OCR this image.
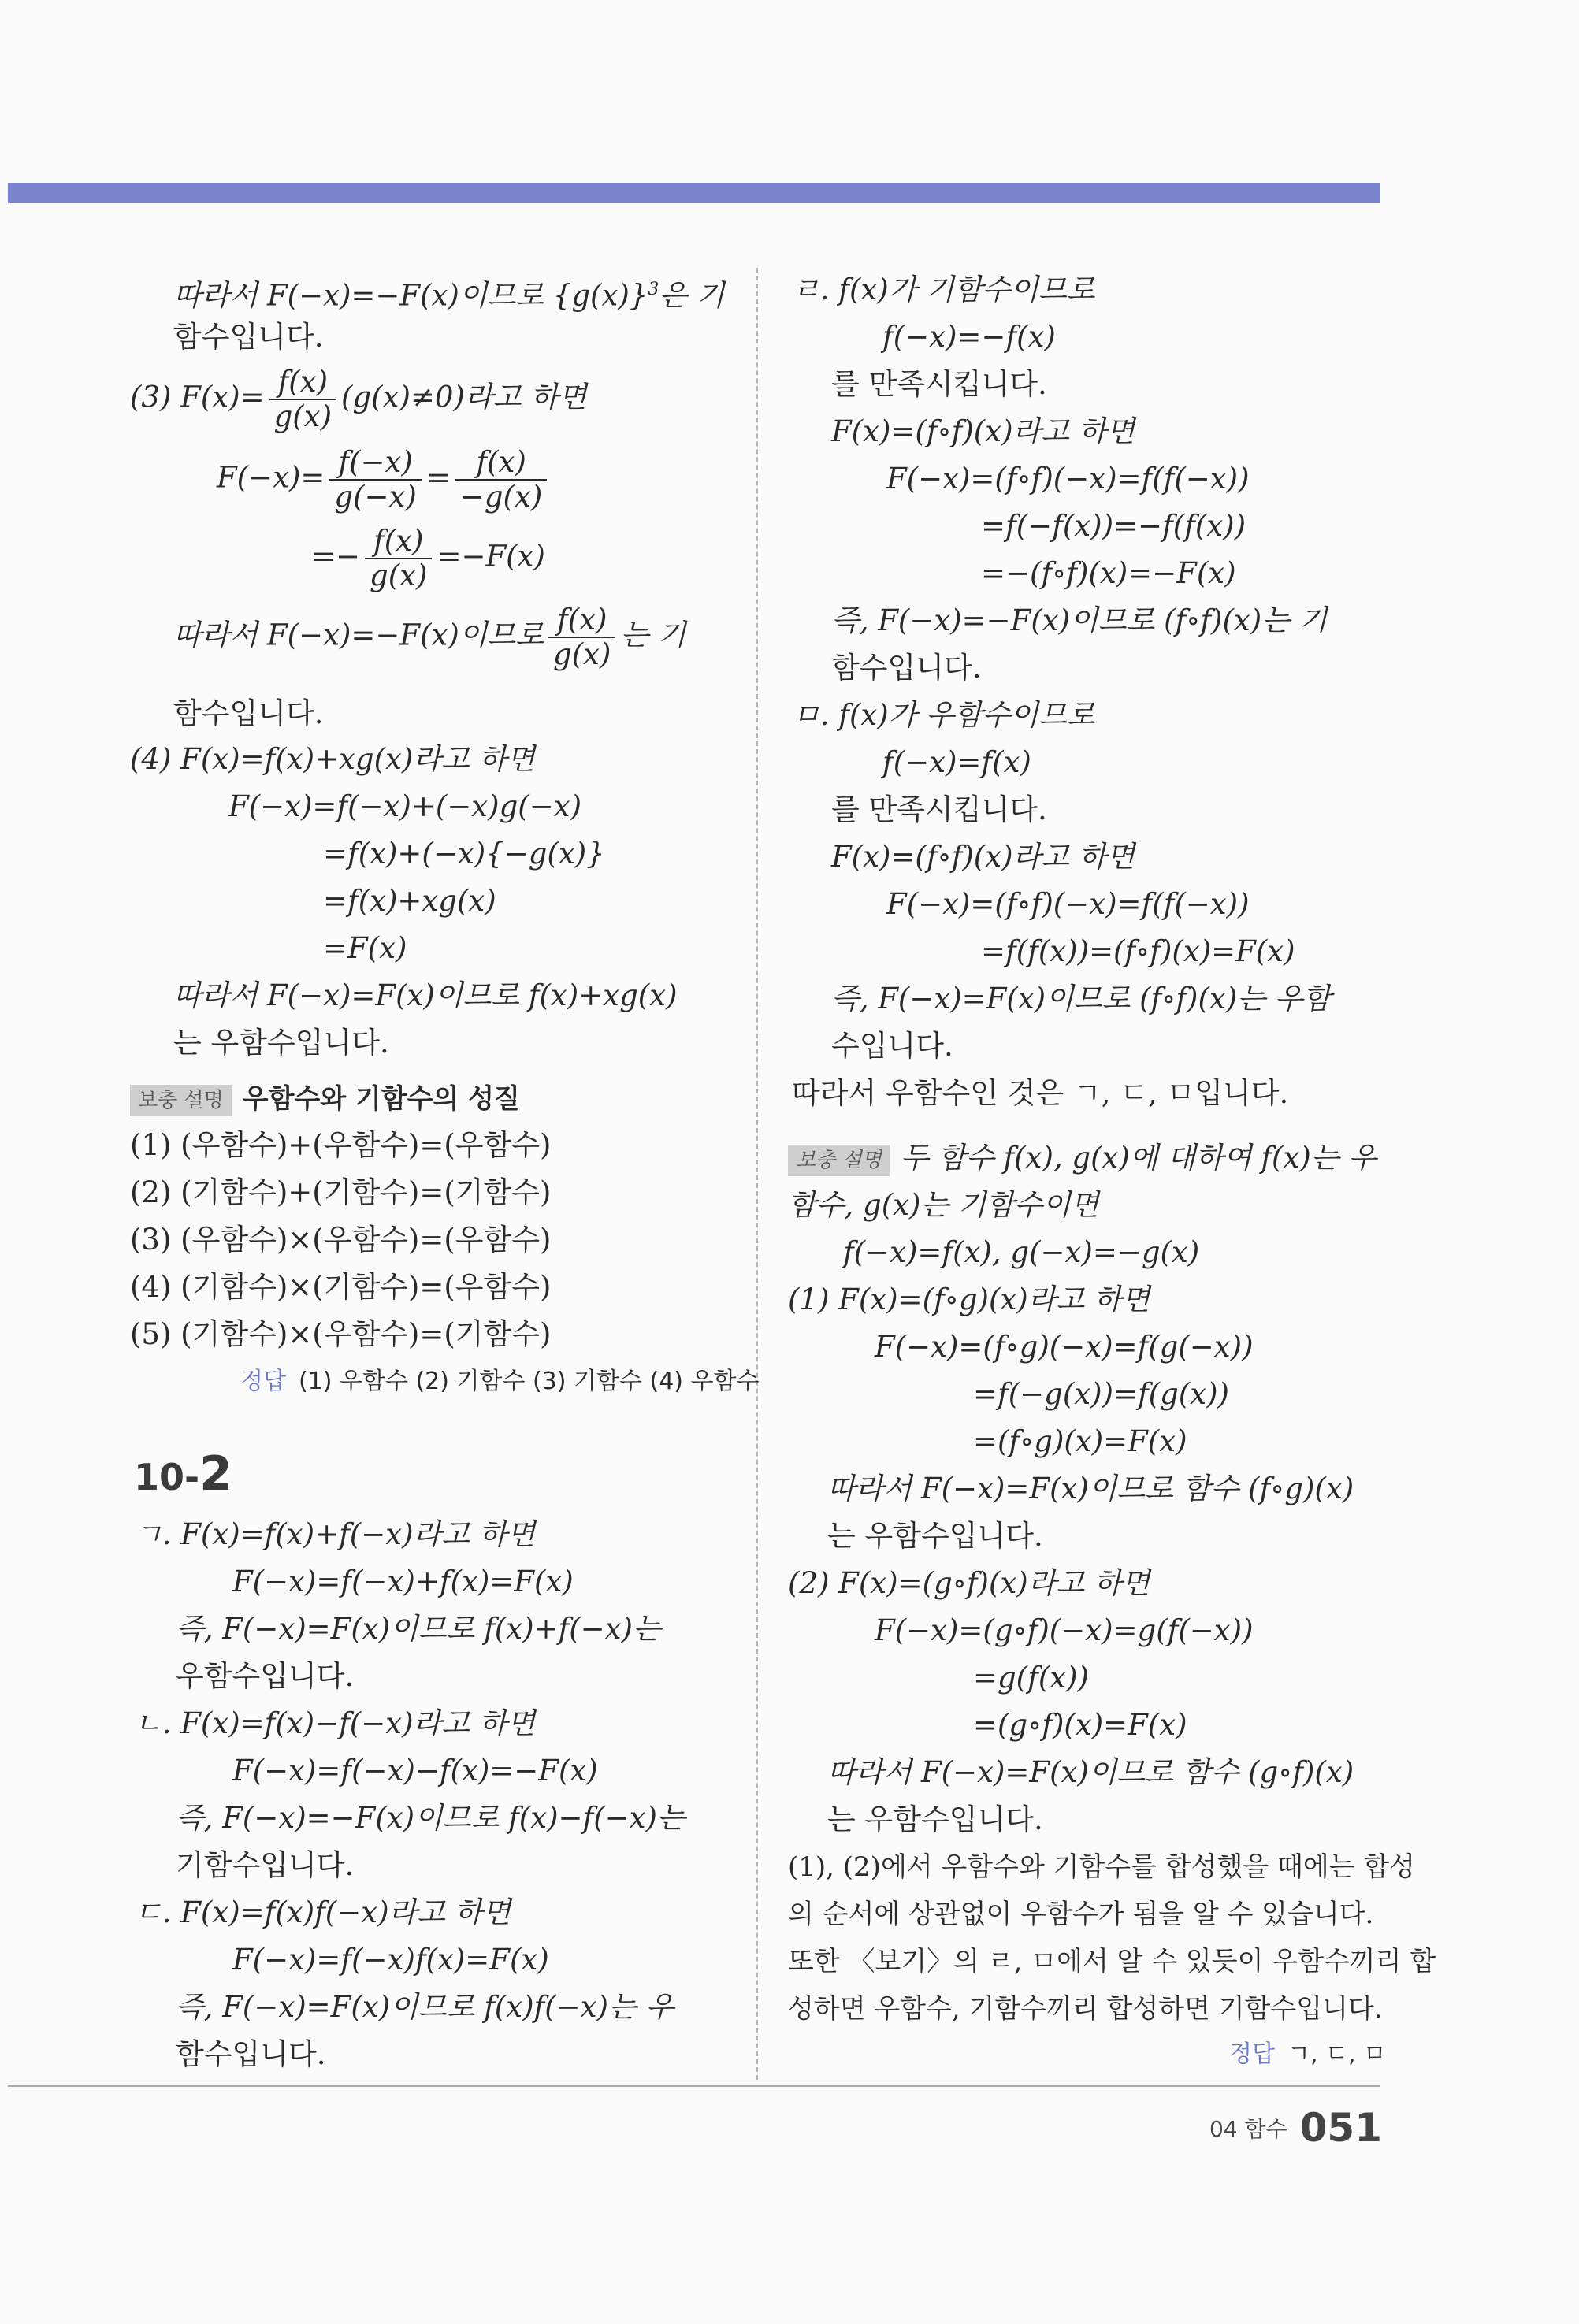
따라서 F(−x)=−F(x)이므로 $\{g(x)\}^3$은 기
함수입니다.
(3) $F(x)= \frac{f(x)}{g(x)} (g(x)\ne 0)$라고 하면
$F(-x)= \frac{f(-x)}{g(-x)} = \frac{f(x)}{-g(x)}$
=− $\frac{f(x)}{g(x)} =-F(x)$
따라서 F(−x)=−F(x)이므로 $\frac{f(x)}{g(x)}$ 는 기
함수입니다.
(4) F(x)=f(x)+xg(x)라고 하면
F(−x)=f(−x)+(−x)g(−x)
=f(x)+(−x){−g(x)}
=f(x)+xg(x)
=F(x)
따라서 F(−x)=F(x)이므로 f(x)+xg(x)
는 우함수입니다.
보충 설명 우함수와 기함수의 성질
(1) (우함수)+(우함수)=(우함수)
(2) (기함수)+(기함수)=(기함수)
(3) (우함수)×(우함수)=(우함수)
(4) (기함수)×(기함수)=(우함수)
(5) (기함수)×(우함수)=(기함수)
정답 (1) 우함수 (2) 기함수 (3) 기함수 (4) 우함수
10-2
ㄱ. F(x)=f(x)+f(−x)라고 하면
F(−x)=f(−x)+f(x)=F(x)
즉, F(−x)=F(x)이므로 f(x)+f(−x)는
우함수입니다.
ㄴ. F(x)=f(x)−f(−x)라고 하면
F(−x)=f(−x)−f(x)=−F(x)
즉, F(−x)=−F(x)이므로 f(x)−f(−x)는
기함수입니다.
ㄷ. F(x)=f(x)f(−x)라고 하면
F(−x)=f(−x)f(x)=F(x)
즉, F(−x)=F(x)이므로 f(x)f(−x)는 우
함수입니다.
ㄹ. f(x)가 기함수이므로
f(−x)=−f(x)
를 만족시킵니다.
F(x)=(f∘f)(x)라고 하면
F(−x)=(f∘f)(−x)=f(f(−x))
=f(−f(x))=−f(f(x))
=−(f∘f)(x)=−F(x)
즉, F(−x)=−F(x)이므로 (f∘f)(x)는 기
함수입니다.
ㅁ. f(x)가 우함수이므로
f(−x)=f(x)
를 만족시킵니다.
F(x)=(f∘f)(x)라고 하면
F(−x)=(f∘f)(−x)=f(f(−x))
=f(f(x))=(f∘f)(x)=F(x)
즉, F(−x)=F(x)이므로 (f∘f)(x)는 우함
수입니다.
따라서 우함수인 것은 ㄱ, ㄷ, ㅁ입니다.
보충 설명 두 함수 f(x), g(x)에 대하여 f(x)는 우
함수, g(x)는 기함수이면
f(−x)=f(x), g(−x)=−g(x)
(1) F(x)=(f∘g)(x)라고 하면
F(−x)=(f∘g)(−x)=f(g(−x))
=f(−g(x))=f(g(x))
=(f∘g)(x)=F(x)
따라서 F(−x)=F(x)이므로 함수 (f∘g)(x)
는 우함수입니다.
(2) F(x)=(g∘f)(x)라고 하면
F(−x)=(g∘f)(−x)=g(f(−x))
=g(f(x))
=(g∘f)(x)=F(x)
따라서 F(−x)=F(x)이므로 함수 (g∘f)(x)
는 우함수입니다.
(1), (2)에서 우함수와 기함수를 합성했을 때에는 합성
의 순서에 상관없이 우함수가 됨을 알 수 있습니다.
또한 〈보기〉의 ㄹ, ㅁ에서 알 수 있듯이 우함수끼리 합
성하면 우함수, 기함수끼리 합성하면 기함수입니다.
정답 ㄱ, ㄷ, ㅁ
04 함수 051
